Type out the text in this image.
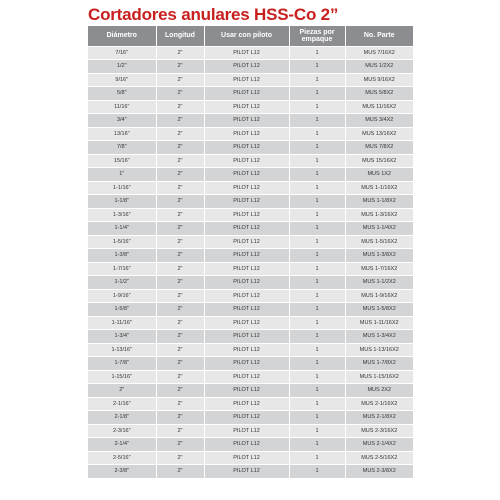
Cortadores anulares HSS-Co 2”
Diámetro	Longitud	Usar con piloto	Piezas por empaque	No. Parte
7/16"	2"	PILOT L12	1	MUS 7/16X2
1/2"	2"	PILOT L12	1	MUS 1/2X2
9/16"	2"	PILOT L12	1	MUS 9/16X2
5/8"	2"	PILOT L12	1	MUS 5/8X2
11/16"	2"	PILOT L12	1	MUS 11/16X2
3/4"	2"	PILOT L12	1	MUS 3/4X2
13/16"	2"	PILOT L12	1	MUS 13/16X2
7/8"	2"	PILOT L12	1	MUS 7/8X2
15/16"	2"	PILOT L12	1	MUS 15/16X2
1"	2"	PILOT L12	1	MUS 1X2
1-1/16"	2"	PILOT L12	1	MUS 1-1/16X2
1-1/8"	2"	PILOT L12	1	MUS 1-1/8X2
1-3/16"	2"	PILOT L12	1	MUS 1-3/16X2
1-1/4"	2"	PILOT L12	1	MUS 1-1/4X2
1-5/16"	2"	PILOT L12	1	MUS 1-5/16X2
1-3/8"	2"	PILOT L12	1	MUS 1-3/8X2
1-7/16"	2"	PILOT L12	1	MUS 1-7/16X2
1-1/2"	2"	PILOT L12	1	MUS 1-1/2X2
1-9/16"	2"	PILOT L12	1	MUS 1-9/16X2
1-5/8"	2"	PILOT L12	1	MUS 1-5/8X2
1-11/16"	2"	PILOT L12	1	MUS 1-11/16X2
1-3/4"	2"	PILOT L12	1	MUS 1-3/4X2
1-13/16"	2"	PILOT L12	1	MUS 1-13/16X2
1-7/8"	2"	PILOT L12	1	MUS 1-7/8X2
1-15/16"	2"	PILOT L12	1	MUS 1-15/16X2
2"	2"	PILOT L12	1	MUS 2X2
2-1/16"	2"	PILOT L12	1	MUS 2-1/16X2
2-1/8"	2"	PILOT L12	1	MUS 2-1/8X2
2-3/16"	2"	PILOT L12	1	MUS 2-3/16X2
2-1/4"	2"	PILOT L12	1	MUS 2-1/4X2
2-5/16"	2"	PILOT L12	1	MUS 2-5/16X2
2-3/8"	2"	PILOT L12	1	MUS 2-3/8X2
